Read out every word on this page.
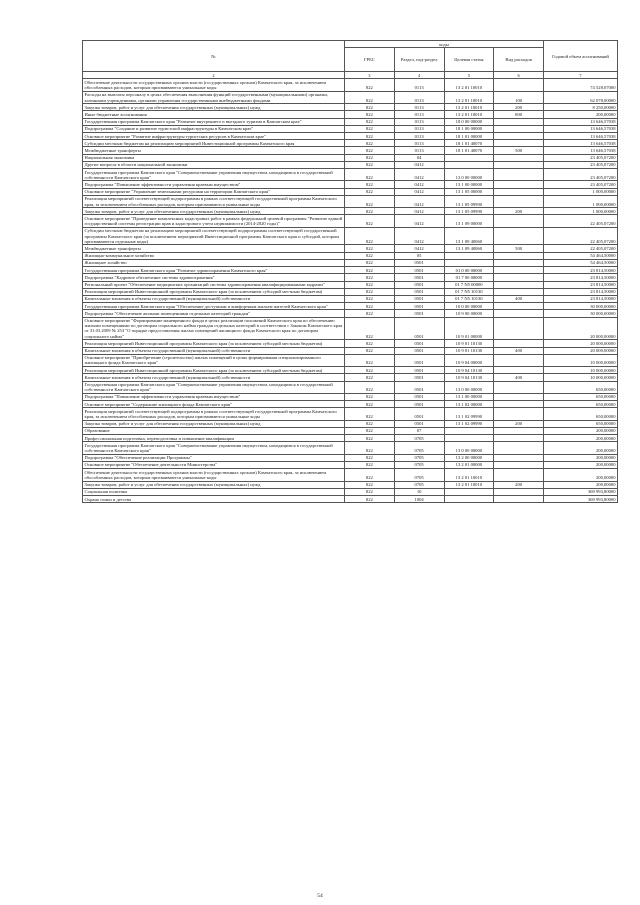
№	коды				Годовой объем ассигнований
	ГРБС	Раздел, под-раздел	Целевая статья	Вид расходов	
2	3	4	5	6	7
Обеспечение деятельности государственных органов власти (государственных органов) Камчатского края, за исключением обособленных расходов, которым присваиваются уникальные коды	822	0113	13 2 01 10010		74 528,07000
Расходы на выплаты персоналу в целях обеспечения выполнения функций государственными (муниципальными) органами, казенными учреждениями, органами управления государственными внебюджетными фондами	822	0113	13 2 01 10010	100	62 078,00000
Закупка товаров, работ и услуг для обеспечения государственных (муниципальных) нужд	822	0113	13 2 01 10010	200	8 250,00000
Иные бюджетные ассигнования	822	0113	13 2 01 10010	800	200,00000
Государственная программа Камчатского края "Развитие внутреннего и въездного туризма в Камчатском крае"	822	0113	18 0 00 00000		13 646,57038
Подпрограмма "Создание и развитие туристской инфраструктуры в Камчатском крае"	822	0113	18 1 00 00000		13 646,57038
Основное мероприятие "Развитие инфраструктуры туристских ресурсов в Камчатском крае"	822	0113	18 1 01 00000		13 646,57038
Субсидии местным бюджетам на реализацию мероприятий Инвестиционной программы Камчатского края	822	0113	18 1 01 40070		13 646,57038
Межбюджетные трансферты	822	0113	18 1 01 40070	500	13 646,57038
Национальная экономика	822	04			23 405,07200
Другие вопросы в области национальной экономики	822	0412			23 405,07200
Государственная программа Камчатского края "Совершенствование управления имуществом, находящимся в государственной собственности Камчатского края"	822	0412	13 0 00 00000		23 405,07200
Подпрограмма "Повышение эффективности управления краевым имуществом"	822	0412	13 1 00 00000		23 405,07200
Основное мероприятие "Управление земельными ресурсами на территории Камчатского края"	822	0412	13 1 05 00000		1 000,00000
Реализация мероприятий соответствующей подпрограммы в рамках соответствующей государственной программы Камчатского края, за исключением обособленных расходов, которым присваиваются уникальные коды	822	0412	13 1 05 09990		1 000,00000
Закупка товаров, работ и услуг для обеспечения государственных (муниципальных) нужд	822	0412	13 1 05 09990	200	1 000,00000
Основное мероприятие "Проведение комплексных кадастровых работ в рамках федеральной целевой программы "Развитие единой государственной системы регистрации прав и кадастрового учета недвижимости (2014-2020 годы)"	822	0412	13 1 09 00000		22 405,07200
Субсидии местным бюджетам на реализацию мероприятий соответствующей подпрограммы соответствующей государственной программы Камчатского края (за исключением мероприятий Инвестиционной программы Камчатского края и субсидий, которым присваиваются отдельные коды)	822	0412	13 1 09 40060		22 405,07200
Межбюджетные трансферты	822	0412	13 1 09 40060	500	22 405,07200
Жилищно-коммунальное хозяйство	822	05			54 464,50000
Жилищное хозяйство	822	0501			54 464,50000
Государственная программа Камчатского края "Развитие здравоохранения Камчатского края"	822	0501	01 0 00 00000		23 814,50000
Подпрограмма "Кадровое обеспечение системы здравоохранения"	822	0501	01 7 00 00000		23 814,50000
Региональный проект "Обеспечение медицинских организаций системы здравоохранения квалифицированными кадрами"	822	0501	01 7 N5 00000		23 814,50000
Реализация мероприятий Инвестиционной программы Камчатского края (за исключением субсидий местным бюджетам)	822	0501	01 7 N5 10130		23 814,50000
Капитальные вложения в объекты государственной (муниципальной) собственности	822	0501	01 7 N5 10130	400	23 814,50000
Государственная программа Камчатского края "Обеспечение доступным и комфортным жильем жителей Камчатского края"	822	0501	10 0 00 00000		30 000,00000
Подпрограмма "Обеспечение жилыми помещениями отдельных категорий граждан"	822	0501	10 9 00 00000		30 000,00000
Основное мероприятие "Формирование маневренного фонда в целях реализации положений Камчатского края по обеспечению жилыми помещениями по договорам социального найма граждан отдельных категорий в соответствии с Законом Камчатского края от 31.03.2009 № 253 "О порядке предоставления жилых помещений жилищного фонда Камчатского края по договорам социального найма"	822	0501	10 9 01 00000		20 000,00000
Реализация мероприятий Инвестиционной программы Камчатского края (за исключением субсидий местным бюджетам)	822	0501	10 9 01 10130		20 000,00000
Капитальные вложения в объекты государственной (муниципальной) собственности	822	0501	10 9 01 10130	400	20 000,00000
Основное мероприятие "Приобретение (строительство) жилых помещений в целях формирования специализированного жилищного фонда Камчатского края"	822	0501	10 9 04 00000		10 000,00000
Реализация мероприятий Инвестиционной программы Камчатского края (за исключением субсидий местным бюджетам)	822	0501	10 9 04 10130		10 000,00000
Капитальные вложения в объекты государственной (муниципальной) собственности	822	0501	10 9 04 10130	400	10 000,00000
Государственная программа Камчатского края "Совершенствование управления имуществом, находящимся в государственной собственности Камчатского края"	822	0501	13 0 00 00000		650,00000
Подпрограмма "Повышение эффективности управления краевым имуществом"	822	0501	13 1 00 00000		650,00000
Основное мероприятие "Содержание жилищного фонда Камчатского края"	822	0501	13 1 02 00000		650,00000
Реализация мероприятий соответствующей подпрограммы в рамках соответствующей государственной программы Камчатского края, за исключением обособленных расходов, которым присваиваются уникальные коды	822	0501	13 1 02 09990		650,00000
Закупка товаров, работ и услуг для обеспечения государственных (муниципальных) нужд	822	0501	13 1 02 09990	200	650,00000
Образование	822	07			200,00000
Профессиональная подготовка, переподготовка и повышение квалификации	822	0705			200,00000
Государственная программа Камчатского края "Совершенствование управления имуществом, находящимся в государственной собственности Камчатского края"	822	0705	13 0 00 00000		200,00000
Подпрограмма "Обеспечение реализации Программы"	822	0705	13 2 00 00000		200,00000
Основное мероприятие "Обеспечение деятельности Министерства"	822	0705	13 2 01 00000		200,00000
Обеспечение деятельности государственных органов власти (государственных органов) Камчатского края, за исключением обособленных расходов, которым присваиваются уникальные коды	822	0705	13 2 01 10010		200,00000
Закупка товаров, работ и услуг для обеспечения государственных (муниципальных) нужд	822	0705	13 2 01 10010	200	200,00000
Социальная политика	822	10			369 993,80000
Охрана семьи и детства	822	1004			369 993,80000
54
